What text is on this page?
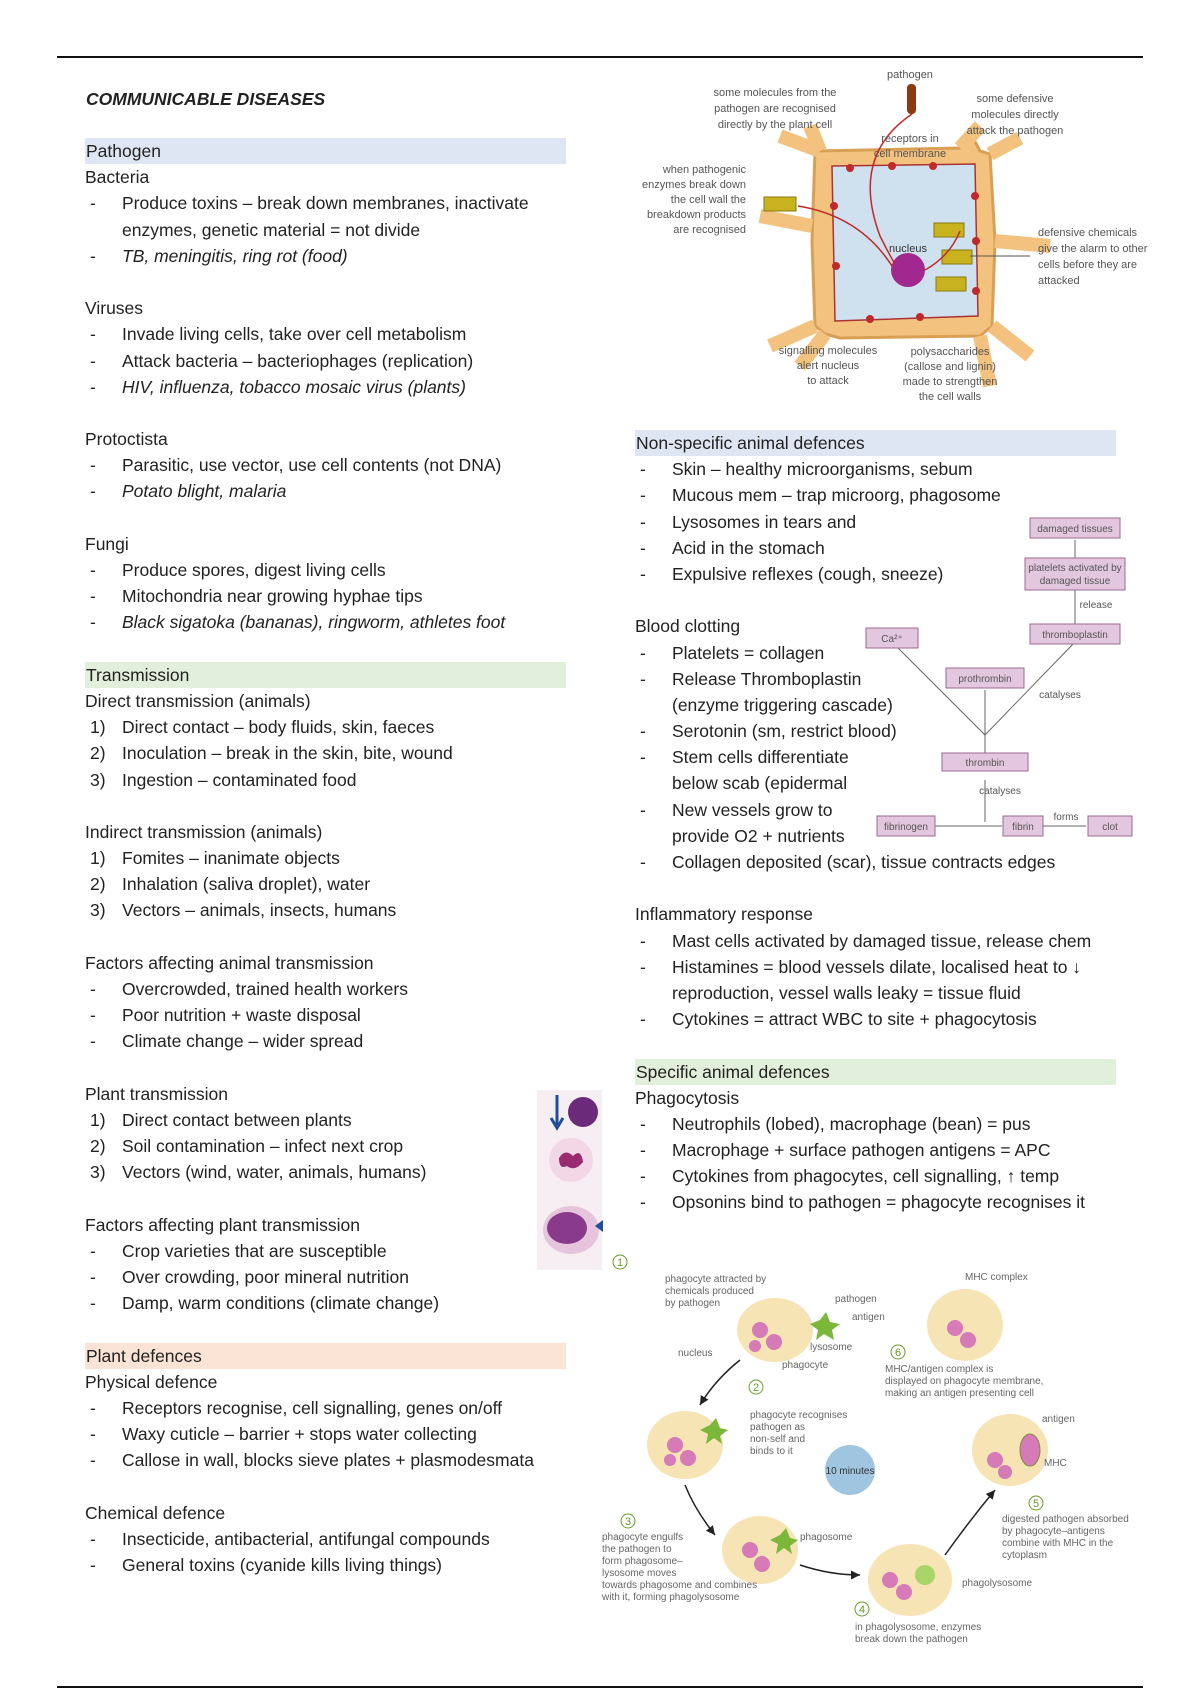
COMMUNICABLE DISEASES
Pathogen
Bacteria
- Produce toxins – break down membranes, inactivate
enzymes, genetic material = not divide
- TB, meningitis, ring rot (food)
Viruses
- Invade living cells, take over cell metabolism
- Attack bacteria – bacteriophages (replication)
- HIV, influenza, tobacco mosaic virus (plants)
Protoctista
- Parasitic, use vector, use cell contents (not DNA)
- Potato blight, malaria
Fungi
- Produce spores, digest living cells
- Mitochondria near growing hyphae tips
- Black sigatoka (bananas), ringworm, athletes foot
Transmission
Direct transmission (animals)
1) Direct contact – body fluids, skin, faeces
2) Inoculation – break in the skin, bite, wound
3) Ingestion – contaminated food
Indirect transmission (animals)
1) Fomites – inanimate objects
2) Inhalation (saliva droplet), water
3) Vectors – animals, insects, humans
Factors affecting animal transmission
- Overcrowded, trained health workers
- Poor nutrition + waste disposal
- Climate change – wider spread
Plant transmission
1) Direct contact between plants
2) Soil contamination – infect next crop
3) Vectors (wind, water, animals, humans)
Factors affecting plant transmission
- Crop varieties that are susceptible
- Over crowding, poor mineral nutrition
- Damp, warm conditions (climate change)
Plant defences
Physical defence
- Receptors recognise, cell signalling, genes on/off
- Waxy cuticle – barrier + stops water collecting
- Callose in wall, blocks sieve plates + plasmodesmata
Chemical defence
- Insecticide, antibacterial, antifungal compounds
- General toxins (cyanide kills living things)
Non-specific animal defences
- Skin – healthy microorganisms, sebum
- Mucous mem – trap microorg, phagosome
- Lysosomes in tears and
- Acid in the stomach
- Expulsive reflexes (cough, sneeze)
Blood clotting
- Platelets = collagen
- Release Thromboplastin
(enzyme triggering cascade)
- Serotonin (sm, restrict blood)
- Stem cells differentiate
below scab (epidermal
- New vessels grow to
provide O2 + nutrients
- Collagen deposited (scar), tissue contracts edges
Inflammatory response
- Mast cells activated by damaged tissue, release chem
- Histamines = blood vessels dilate, localised heat to ↓
reproduction, vessel walls leaky = tissue fluid
- Cytokines = attract WBC to site + phagocytosis
Specific animal defences
Phagocytosis
- Neutrophils (lobed), macrophage (bean) = pus
- Macrophage + surface pathogen antigens = APC
- Cytokines from phagocytes, cell signalling, ↑ temp
- Opsonins bind to pathogen = phagocyte recognises it
pathogen
some molecules from the
pathogen are recognised
directly by the plant cell
some defensive
molecules directly
attack the pathogen
receptors in
cell membrane
nucleus
signalling molecules
alert nucleus
to attack
polysaccharides
(callose and lignin)
made to strengthen
the cell walls
when pathogenic
enzymes break down
the cell wall the
breakdown products
are recognised	defensive chemicals
give the alarm to other
cells before they are
attacked
damaged tissues
platelets activated by
damaged tissue
release
thromboplastin
Ca²⁺
prothrombin
catalyses
thrombin
catalyses
fibrinogen	fibrin
forms
clot
1
2
3
4
5
6
phagocyte attracted by
chemicals produced
by pathogen	pathogen
antigen
lysosome
nucleus
phagocyte
MHC complex
MHC/antigen complex is
displayed on phagocyte membrane,
making an antigen presenting cell
phagocyte recognises
pathogen as
non-self and
binds to it
10 minutes
antigen
MHC
phagocyte engulfs
the pathogen to
form phagosome–
lysosome moves
towards phagosome and combines
with it, forming phagolysosome
phagosome
digested pathogen absorbed
by phagocyte–antigens
combine with MHC in the
cytoplasm
phagolysosome
in phagolysosome, enzymes
break down the pathogen
